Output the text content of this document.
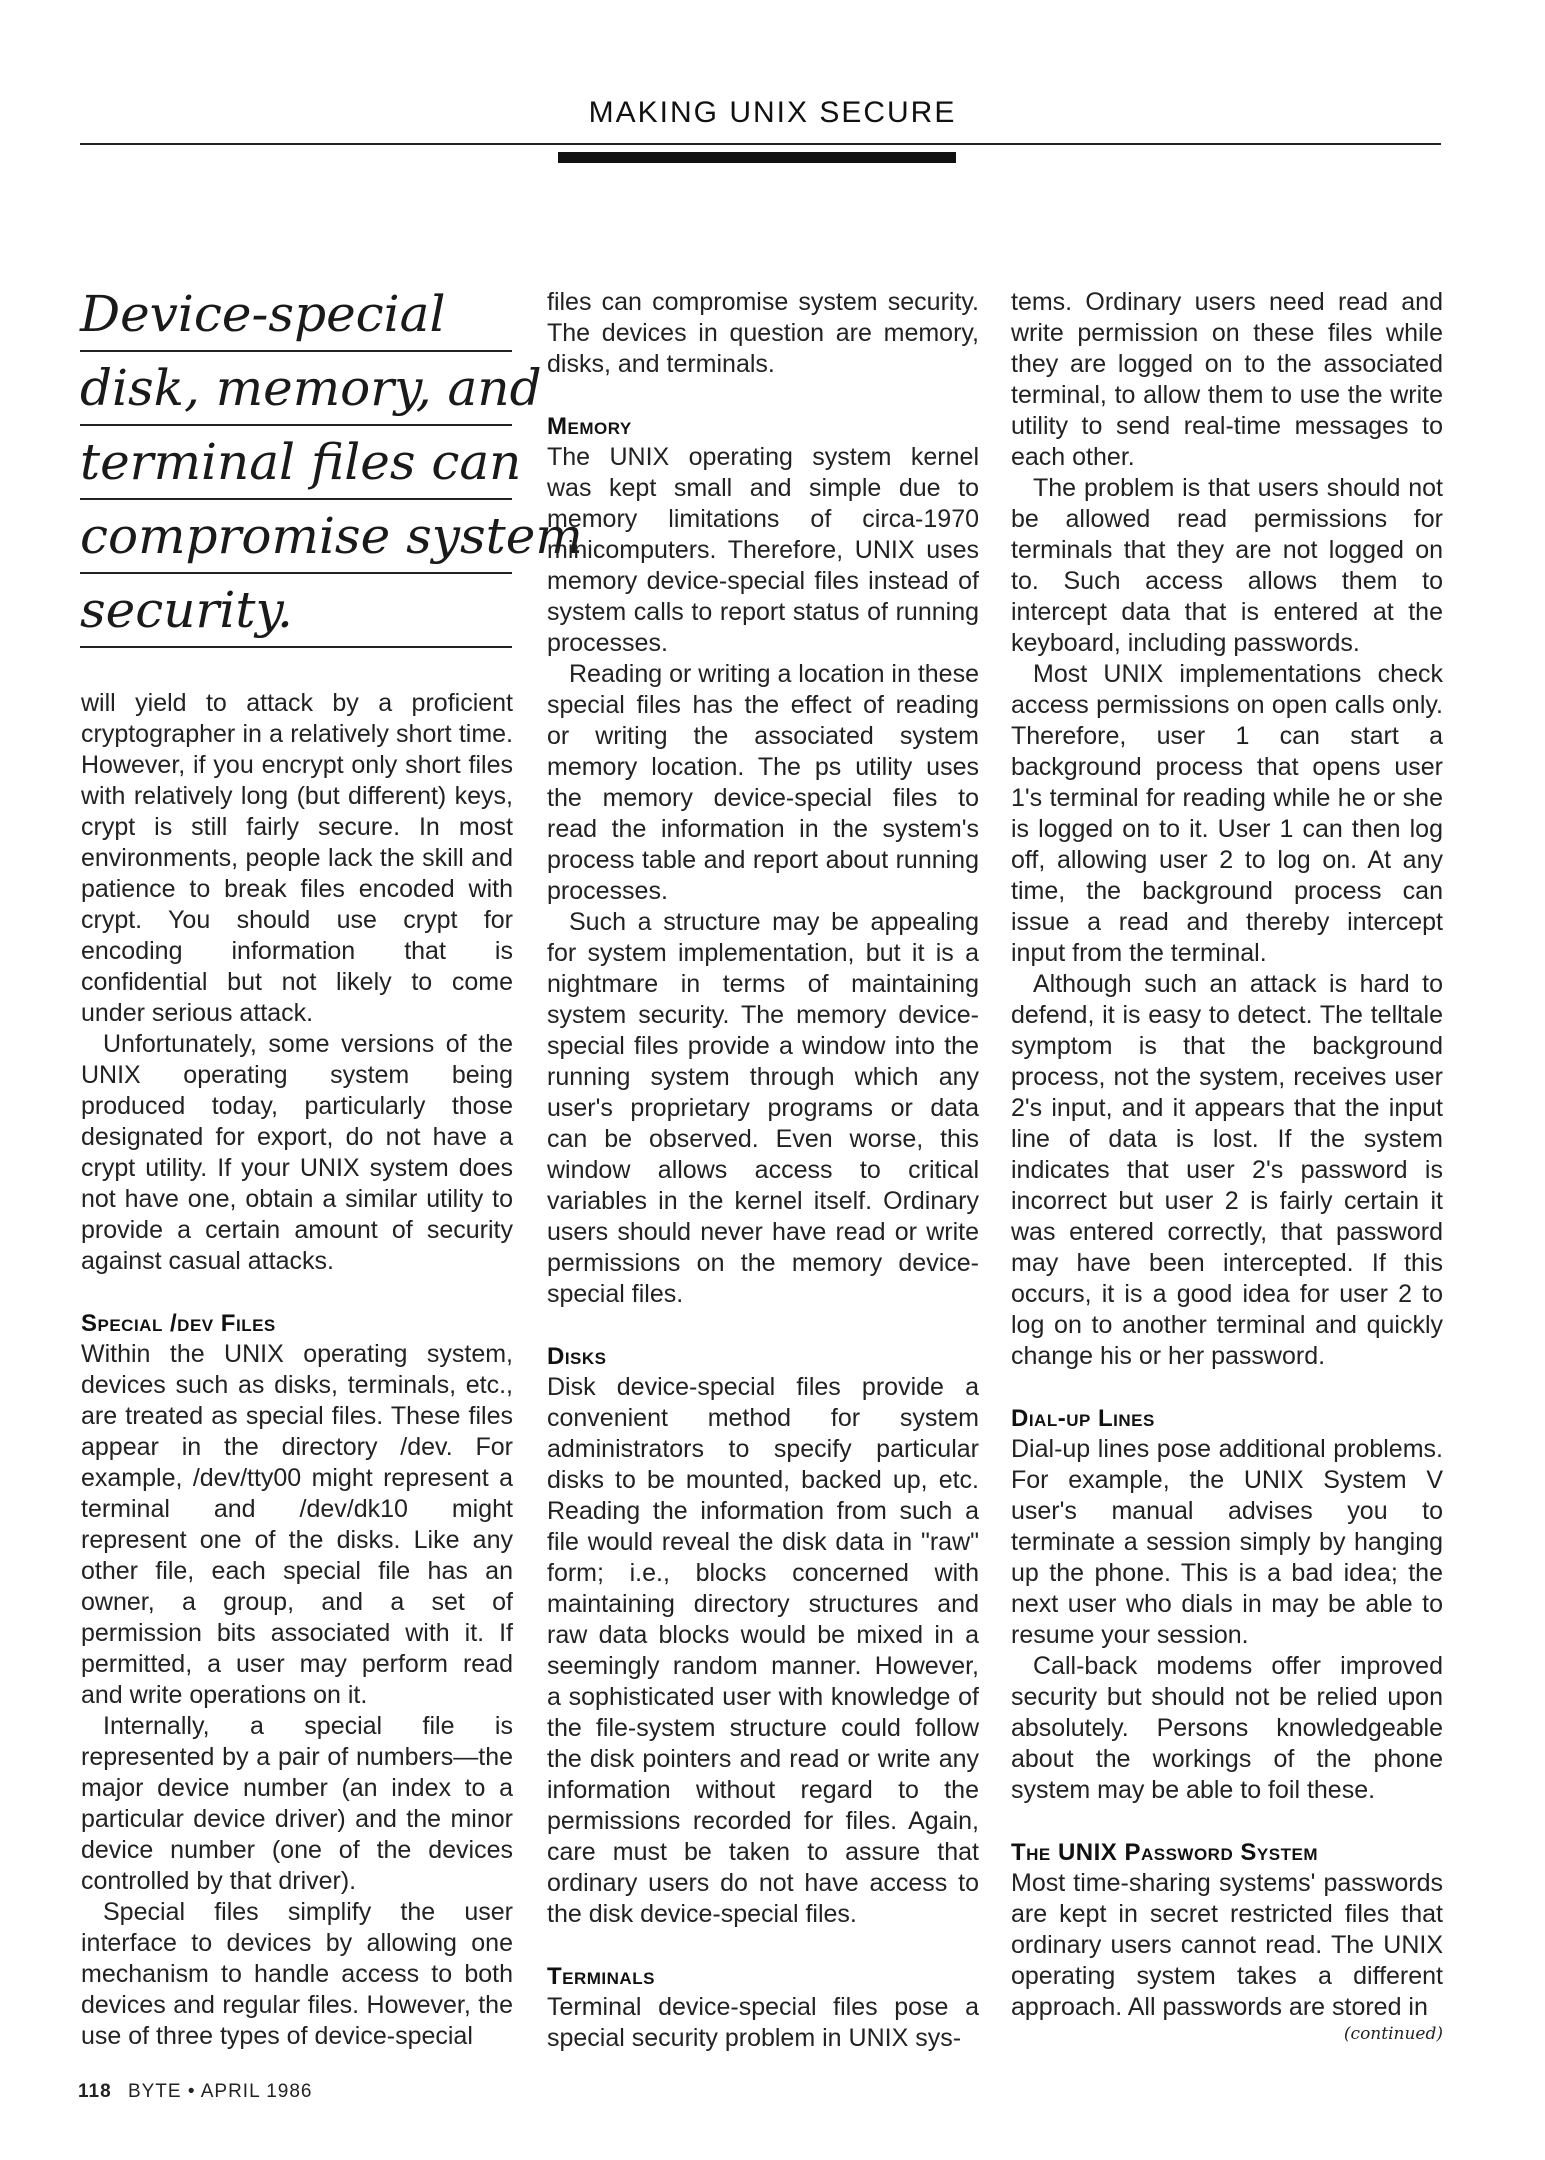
MAKING UNIX SECURE
Device-special
disk, memory, and
terminal files can
compromise system
security.

will yield to attack by a proficient cryptographer in a relatively short time. However, if you encrypt only short files with relatively long (but different) keys, crypt is still fairly secure. In most environments, people lack the skill and patience to break files encoded with crypt. You should use crypt for encoding information that is confidential but not likely to come under serious attack.

Unfortunately, some versions of the UNIX operating system being produced today, particularly those designated for export, do not have a crypt utility. If your UNIX system does not have one, obtain a similar utility to provide a certain amount of security against casual attacks.

Special /dev Files

Within the UNIX operating system, devices such as disks, terminals, etc., are treated as special files. These files appear in the directory /dev. For example, /dev/tty00 might represent a terminal and /dev/dk10 might represent one of the disks. Like any other file, each special file has an owner, a group, and a set of permission bits associated with it. If permitted, a user may perform read and write operations on it.

Internally, a special file is represented by a pair of numbers—the major device number (an index to a particular device driver) and the minor device number (one of the devices controlled by that driver).

Special files simplify the user interface to devices by allowing one mechanism to handle access to both devices and regular files. However, the use of three types of device-special

files can compromise system security. The devices in question are memory, disks, and terminals.

Memory

The UNIX operating system kernel was kept small and simple due to memory limitations of circa-1970 minicomputers. Therefore, UNIX uses memory device-special files instead of system calls to report status of running processes.

Reading or writing a location in these special files has the effect of reading or writing the associated system memory location. The ps utility uses the memory device-special files to read the information in the system's process table and report about running processes.

Such a structure may be appealing for system implementation, but it is a nightmare in terms of maintaining system security. The memory device-special files provide a window into the running system through which any user's proprietary programs or data can be observed. Even worse, this window allows access to critical variables in the kernel itself. Ordinary users should never have read or write permissions on the memory device-special files.

Disks

Disk device-special files provide a convenient method for system administrators to specify particular disks to be mounted, backed up, etc. Reading the information from such a file would reveal the disk data in "raw" form; i.e., blocks concerned with maintaining directory structures and raw data blocks would be mixed in a seemingly random manner. However, a sophisticated user with knowledge of the file-system structure could follow the disk pointers and read or write any information without regard to the permissions recorded for files. Again, care must be taken to assure that ordinary users do not have access to the disk device-special files.

Terminals

Terminal device-special files pose a special security problem in UNIX sys-

tems. Ordinary users need read and write permission on these files while they are logged on to the associated terminal, to allow them to use the write utility to send real-time messages to each other.

The problem is that users should not be allowed read permissions for terminals that they are not logged on to. Such access allows them to intercept data that is entered at the keyboard, including passwords.

Most UNIX implementations check access permissions on open calls only. Therefore, user 1 can start a background process that opens user 1's terminal for reading while he or she is logged on to it. User 1 can then log off, allowing user 2 to log on. At any time, the background process can issue a read and thereby intercept input from the terminal.

Although such an attack is hard to defend, it is easy to detect. The telltale symptom is that the background process, not the system, receives user 2's input, and it appears that the input line of data is lost. If the system indicates that user 2's password is incorrect but user 2 is fairly certain it was entered correctly, that password may have been intercepted. If this occurs, it is a good idea for user 2 to log on to another terminal and quickly change his or her password.

Dial-up Lines

Dial-up lines pose additional problems. For example, the UNIX System V user's manual advises you to terminate a session simply by hanging up the phone. This is a bad idea; the next user who dials in may be able to resume your session.

Call-back modems offer improved security but should not be relied upon absolutely. Persons knowledgeable about the workings of the phone system may be able to foil these.

The UNIX Password System

Most time-sharing systems' passwords are kept in secret restricted files that ordinary users cannot read. The UNIX operating system takes a different approach. All passwords are stored in

(continued)
118 BYTE • APRIL 1986
